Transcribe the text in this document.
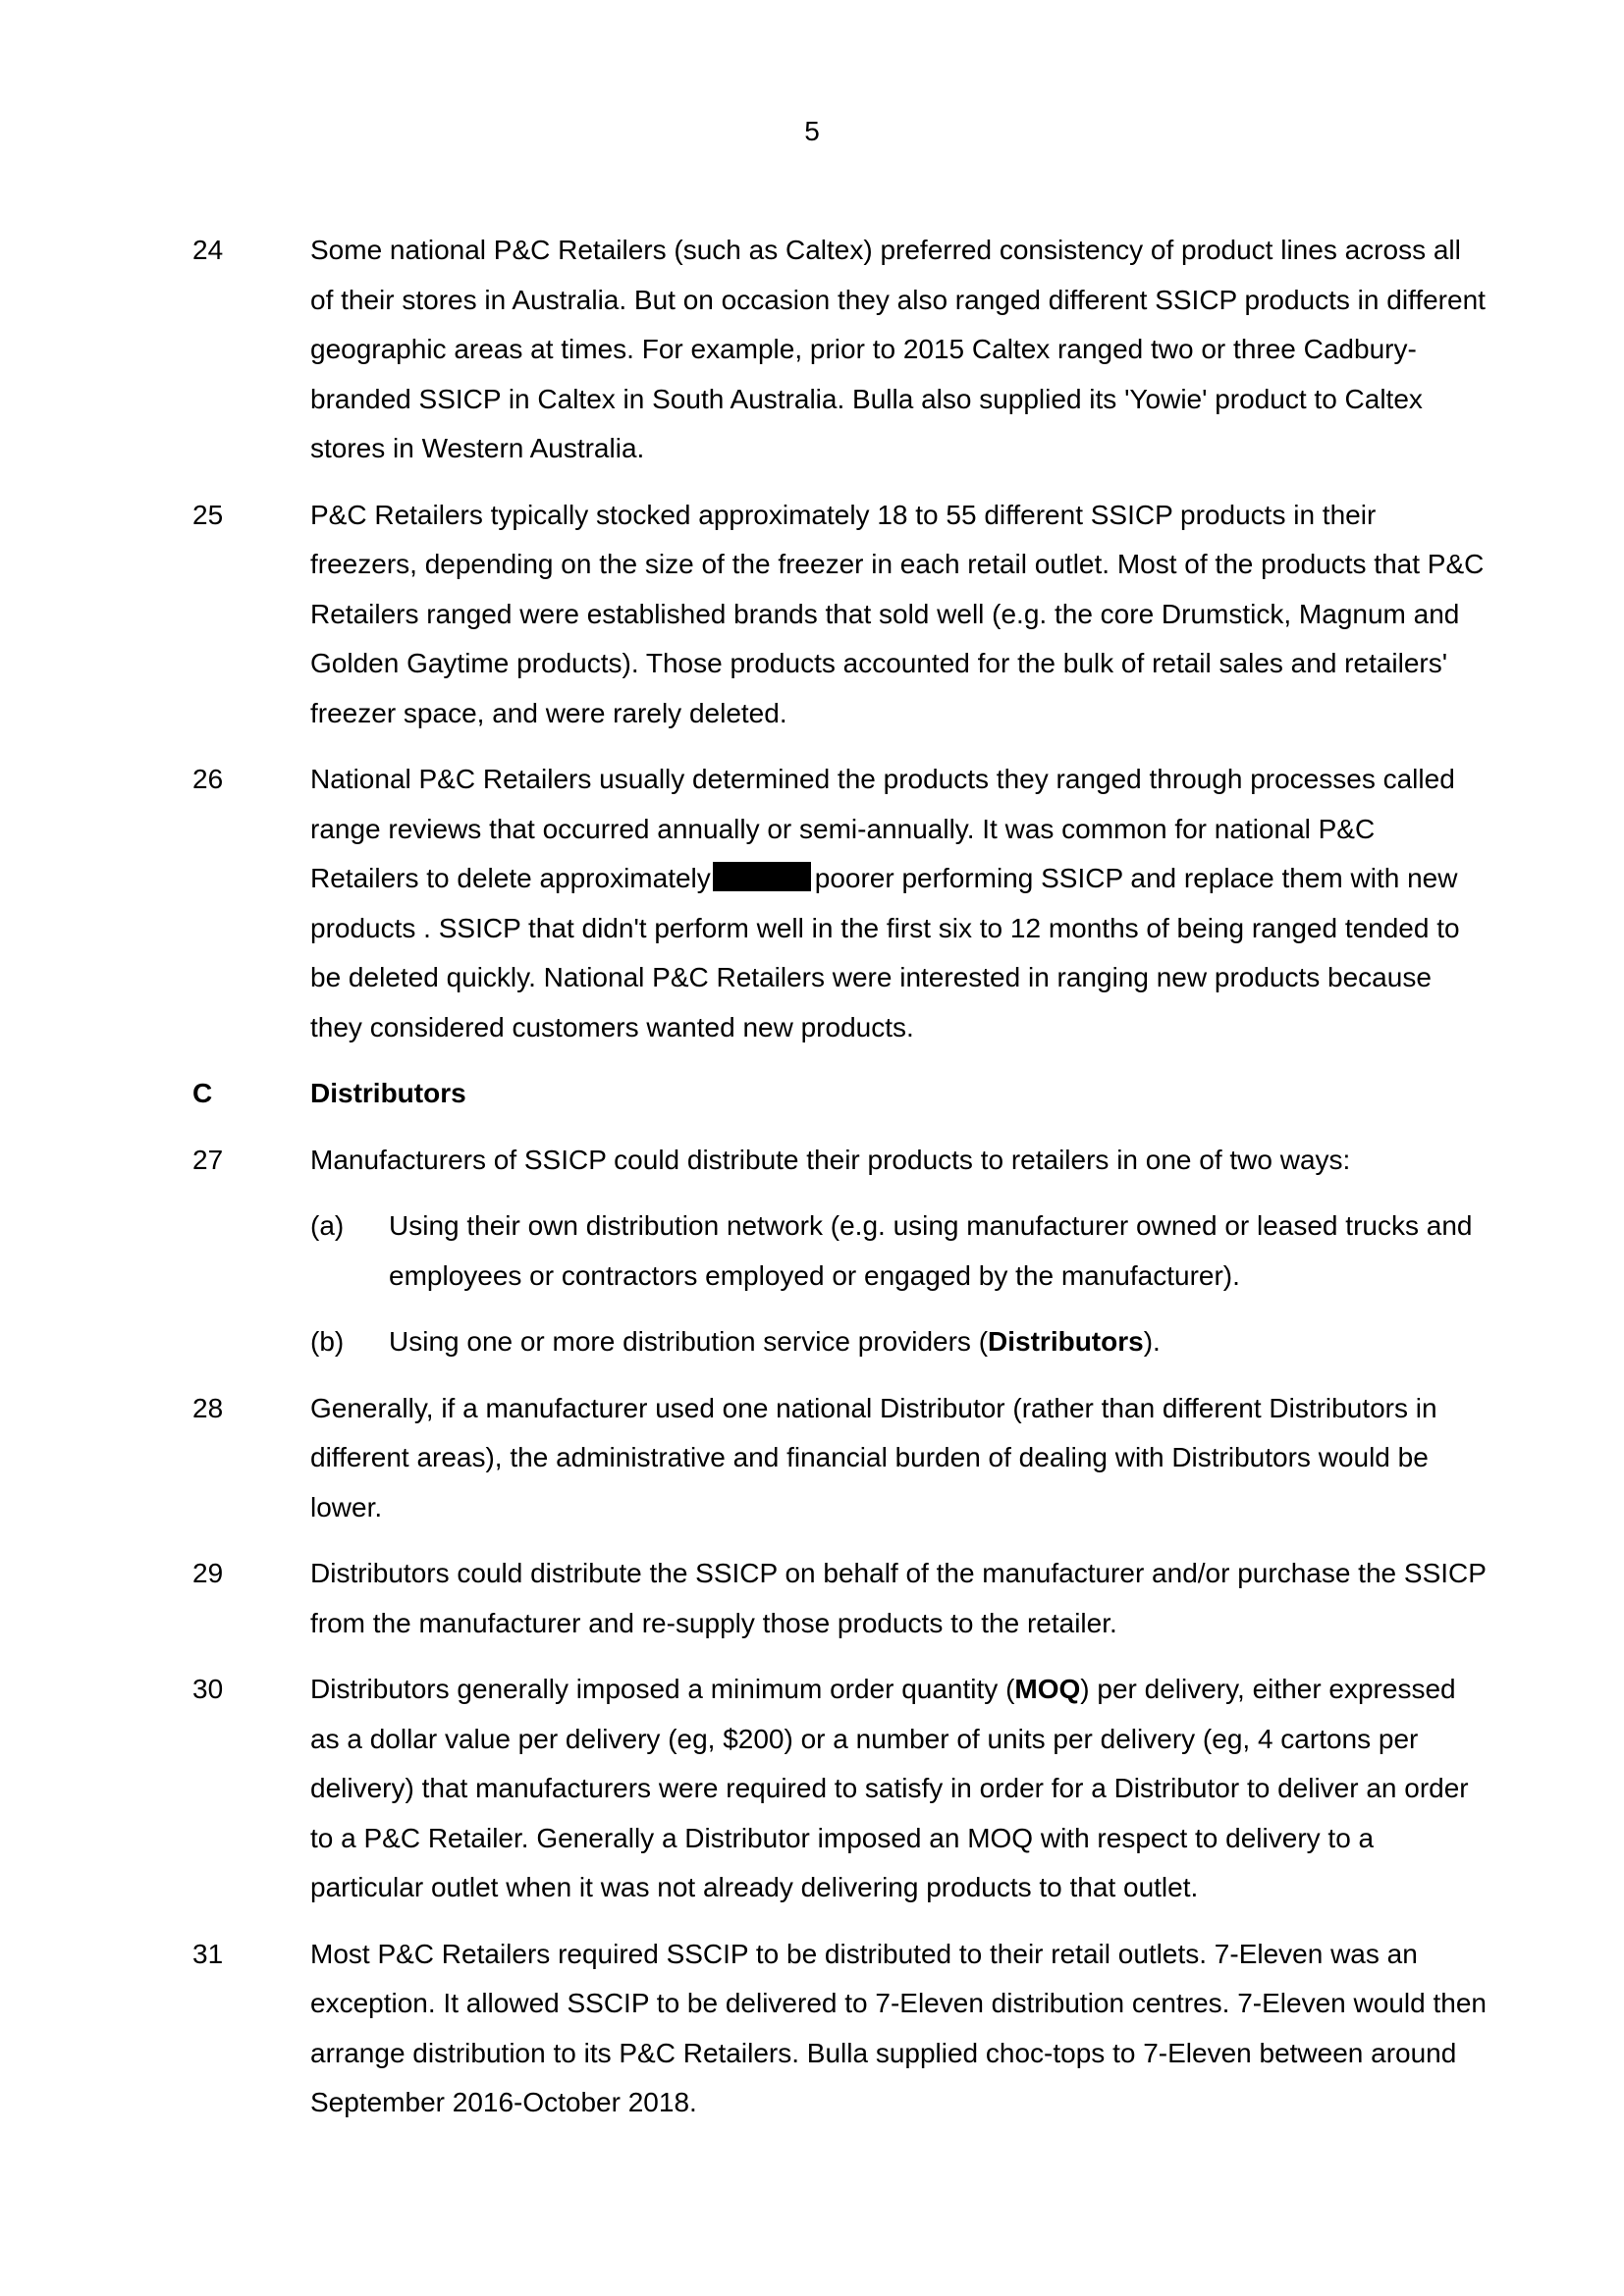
5
24	Some national P&C Retailers (such as Caltex) preferred consistency of product lines across all of their stores in Australia. But on occasion they also ranged different SSICP products in different geographic areas at times. For example, prior to 2015 Caltex ranged two or three Cadbury-branded SSICP in Caltex in South Australia. Bulla also supplied its 'Yowie' product to Caltex stores in Western Australia.
25	P&C Retailers typically stocked approximately 18 to 55 different SSICP products in their freezers, depending on the size of the freezer in each retail outlet. Most of the products that P&C Retailers ranged were established brands that sold well (e.g. the core Drumstick, Magnum and Golden Gaytime products). Those products accounted for the bulk of retail sales and retailers' freezer space, and were rarely deleted.
26	National P&C Retailers usually determined the products they ranged through processes called range reviews that occurred annually or semi-annually. It was common for national P&C Retailers to delete approximately	poorer performing SSICP and replace them with new products . SSICP that didn't perform well in the first six to 12 months of being ranged tended to be deleted quickly. National P&C Retailers were interested in ranging new products because they considered customers wanted new products.
C	Distributors
27	Manufacturers of SSICP could distribute their products to retailers in one of two ways:
(a)	Using their own distribution network (e.g. using manufacturer owned or leased trucks and employees or contractors employed or engaged by the manufacturer).
(b)	Using one or more distribution service providers (Distributors).
28	Generally, if a manufacturer used one national Distributor (rather than different Distributors in different areas), the administrative and financial burden of dealing with Distributors would be lower.
29	Distributors could distribute the SSICP on behalf of the manufacturer and/or purchase the SSICP from the manufacturer and re-supply those products to the retailer.
30	Distributors generally imposed a minimum order quantity (MOQ) per delivery, either expressed as a dollar value per delivery (eg, $200) or a number of units per delivery (eg, 4 cartons per delivery) that manufacturers were required to satisfy in order for a Distributor to deliver an order to a P&C Retailer. Generally a Distributor imposed an MOQ with respect to delivery to a particular outlet when it was not already delivering products to that outlet.
31	Most P&C Retailers required SSCIP to be distributed to their retail outlets. 7-Eleven was an exception. It allowed SSCIP to be delivered to 7-Eleven distribution centres. 7-Eleven would then arrange distribution to its P&C Retailers. Bulla supplied choc-tops to 7-Eleven between around September 2016-October 2018.
